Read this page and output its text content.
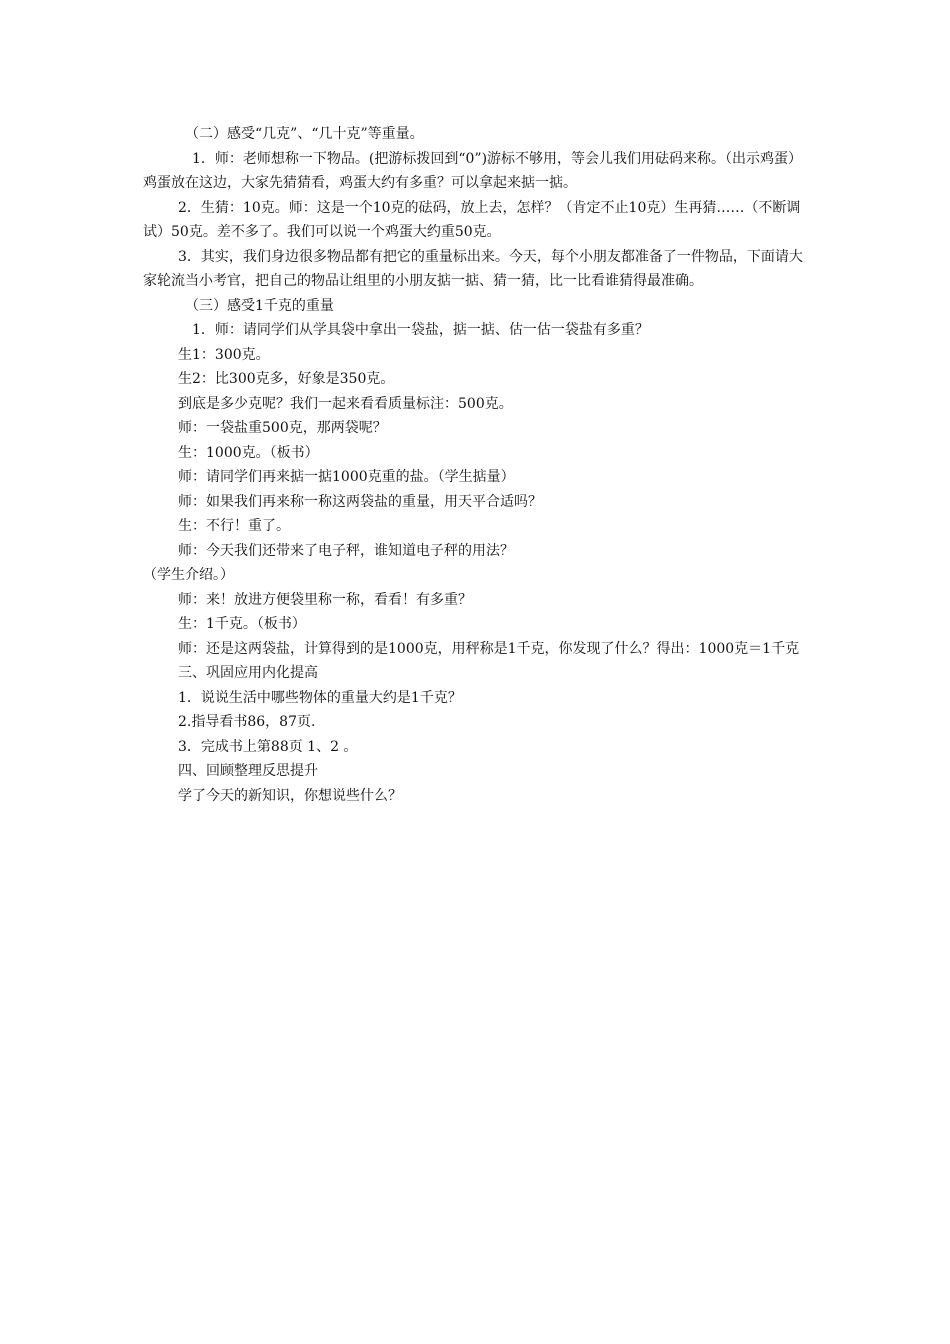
（二）感受“几克”、“几十克”等重量。

1．师：老师想称一下物品。(把游标拨回到“0”)游标不够用，等会儿我们用砝码来称。（出示鸡蛋）鸡蛋放在这边，大家先猜猜看，鸡蛋大约有多重？可以拿起来掂一掂。

2．生猜：10克。师：这是一个10克的砝码，放上去，怎样？（肯定不止10克）生再猜……（不断调试）50克。差不多了。我们可以说一个鸡蛋大约重50克。

3．其实，我们身边很多物品都有把它的重量标出来。今天，每个小朋友都准备了一件物品，下面请大家轮流当小考官，把自己的物品让组里的小朋友掂一掂、猜一猜，比一比看谁猜得最准确。

（三）感受1千克的重量

1．师：请同学们从学具袋中拿出一袋盐，掂一掂、估一估一袋盐有多重？

生1：300克。

生2：比300克多，好象是350克。

到底是多少克呢？我们一起来看看质量标注：500克。

师：一袋盐重500克，那两袋呢？

生：1000克。（板书）

师：请同学们再来掂一掂1000克重的盐。（学生掂量）

师：如果我们再来称一称这两袋盐的重量，用天平合适吗？

生：不行！重了。

师：今天我们还带来了电子秤，谁知道电子秤的用法？

（学生介绍。）

师：来！放进方便袋里称一称，看看！有多重？

生：1千克。（板书）

师：还是这两袋盐，计算得到的是1000克，用秤称是1千克，你发现了什么？得出：1000克＝1千克

三、巩固应用内化提高

1．说说生活中哪些物体的重量大约是1千克？

2.指导看书86，87页.

3．完成书上第88页 1、2 。

四、回顾整理反思提升

学了今天的新知识，你想说些什么？
